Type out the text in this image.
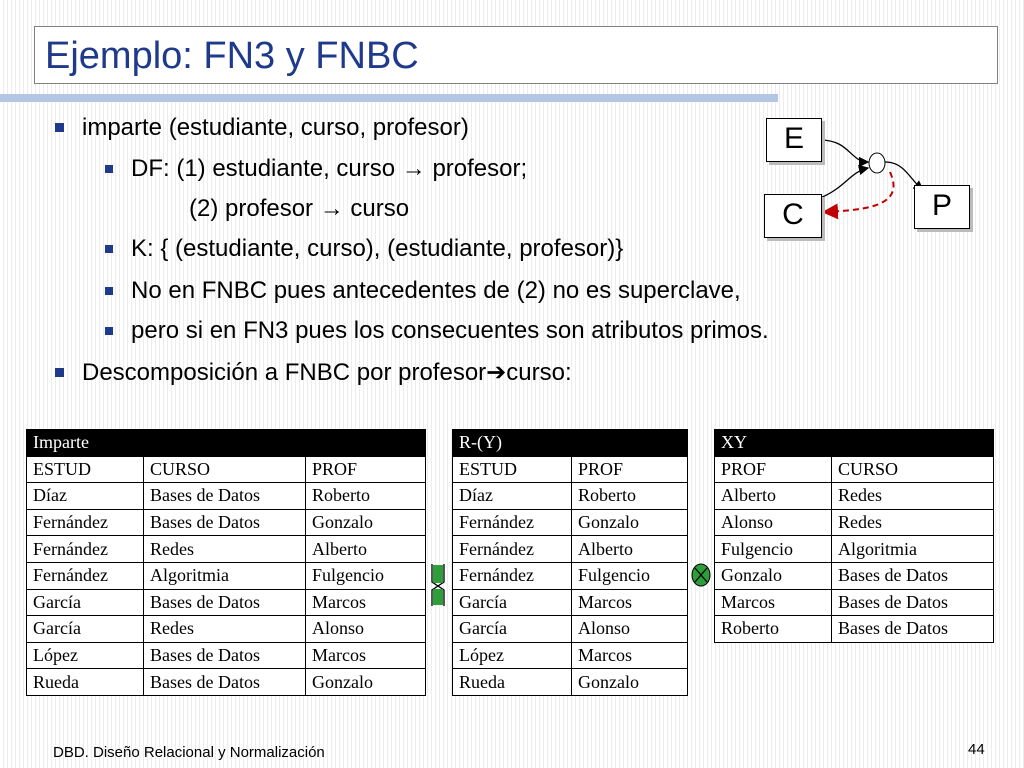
Ejemplo: FN3 y FNBC
imparte (estudiante, curso, profesor)
DF: (1) estudiante, curso → profesor;
(2) profesor → curso
K: { (estudiante, curso), (estudiante, profesor)}
No en FNBC pues antecedentes de (2) no es superclave,
pero si en FN3 pues los consecuentes son atributos primos.
Descomposición a FNBC por profesor➔curso:
E
C	P
Imparte		
ESTUD	CURSO	PROF
Díaz	Bases de Datos	Roberto
Fernández	Bases de Datos	Gonzalo
Fernández	Redes	Alberto
Fernández	Algoritmia	Fulgencio
García	Bases de Datos	Marcos
García	Redes	Alonso
López	Bases de Datos	Marcos
Rueda	Bases de Datos	Gonzalo
R-(Y)	
ESTUD	PROF
Díaz	Roberto
Fernández	Gonzalo
Fernández	Alberto
Fernández	Fulgencio
García	Marcos
García	Alonso
López	Marcos
Rueda	Gonzalo
XY	
PROF	CURSO
Alberto	Redes
Alonso	Redes
Fulgencio	Algoritmia
Gonzalo	Bases de Datos
Marcos	Bases de Datos
Roberto	Bases de Datos
DBD. Diseño Relacional y Normalización	44
